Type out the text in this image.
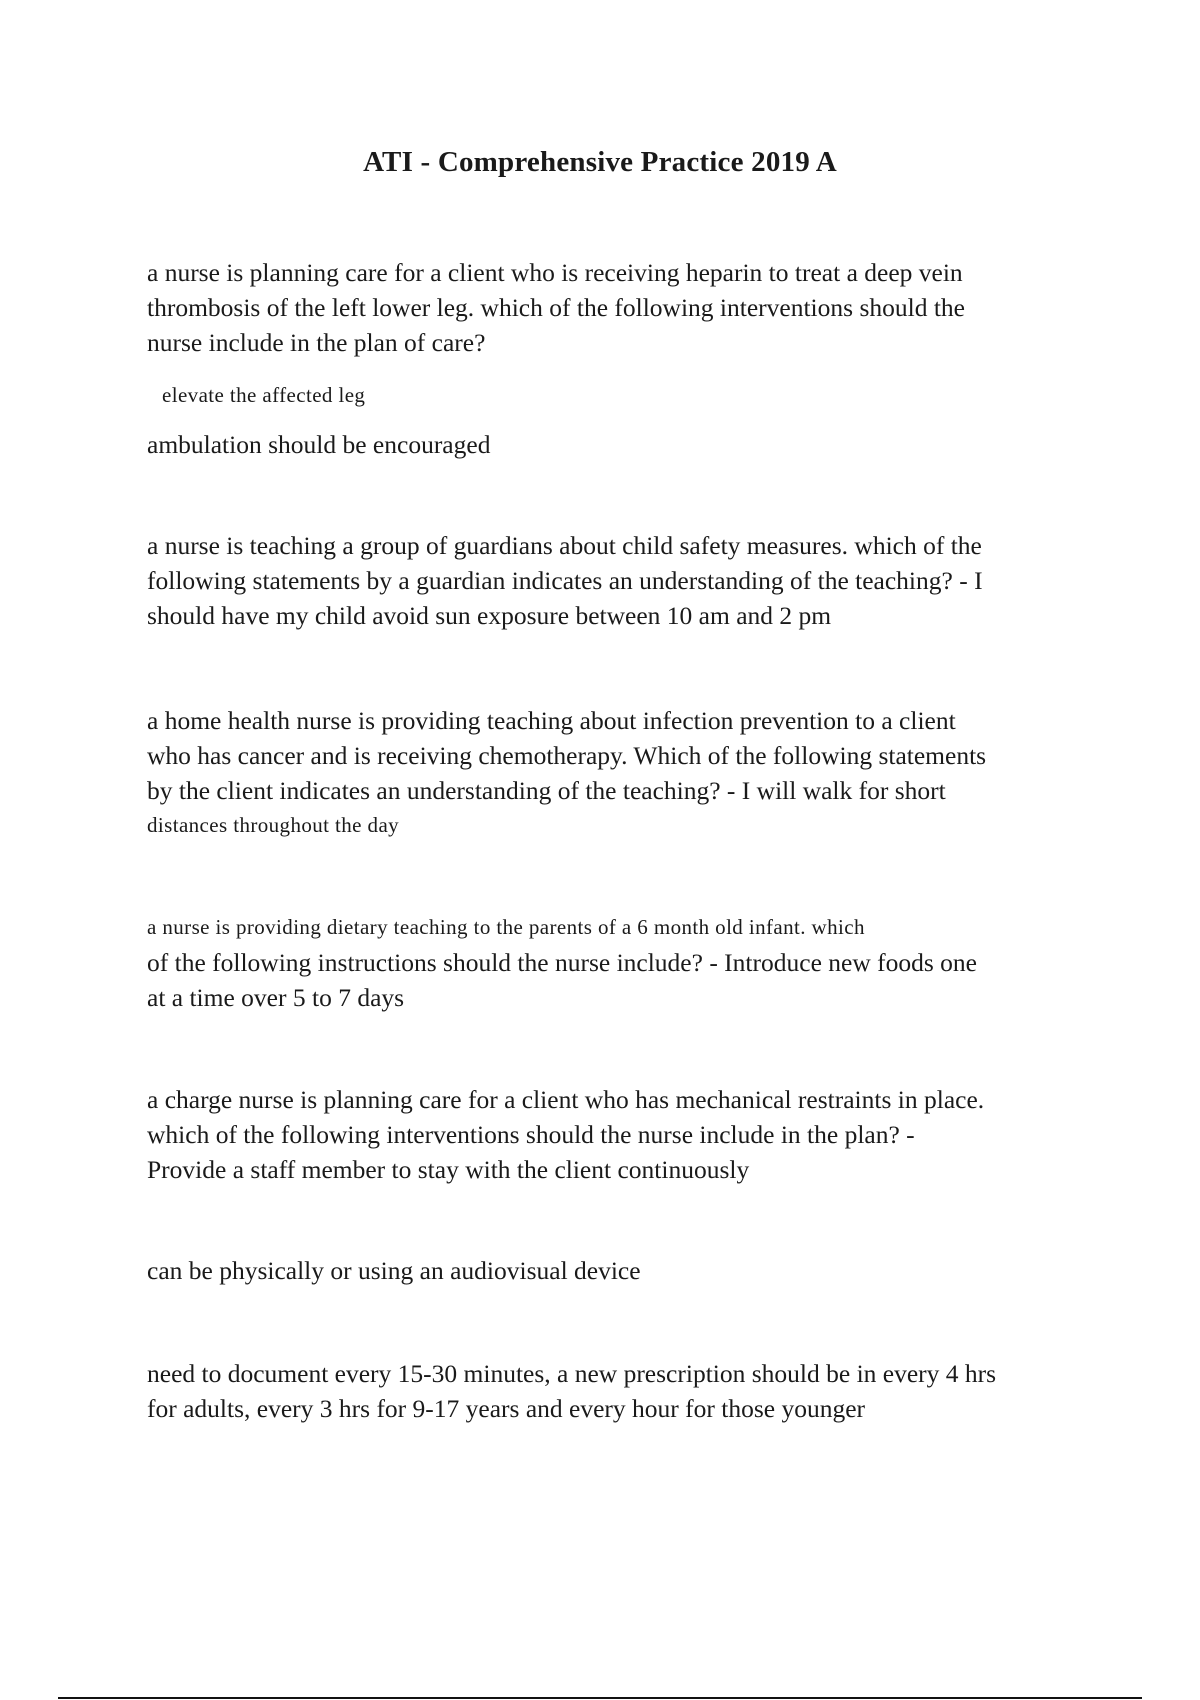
ATI - Comprehensive Practice 2019 A
a nurse is planning care for a client who is receiving heparin to treat a deep vein
thrombosis of the left lower leg. which of the following interventions should the
nurse include in the plan of care?
elevate the affected leg
ambulation should be encouraged
a nurse is teaching a group of guardians about child safety measures. which of the
following statements by a guardian indicates an understanding of the teaching? - I
should have my child avoid sun exposure between 10 am and 2 pm
a home health nurse is providing teaching about infection prevention to a client
who has cancer and is receiving chemotherapy. Which of the following statements
by the client indicates an understanding of the teaching? - I will walk for short
distances throughout the day
a nurse is providing dietary teaching to the parents of a 6 month old infant. which
of the following instructions should the nurse include? - Introduce new foods one
at a time over 5 to 7 days
a charge nurse is planning care for a client who has mechanical restraints in place.
which of the following interventions should the nurse include in the plan? -
Provide a staff member to stay with the client continuously
can be physically or using an audiovisual device
need to document every 15-30 minutes, a new prescription should be in every 4 hrs
for adults, every 3 hrs for 9-17 years and every hour for those younger
